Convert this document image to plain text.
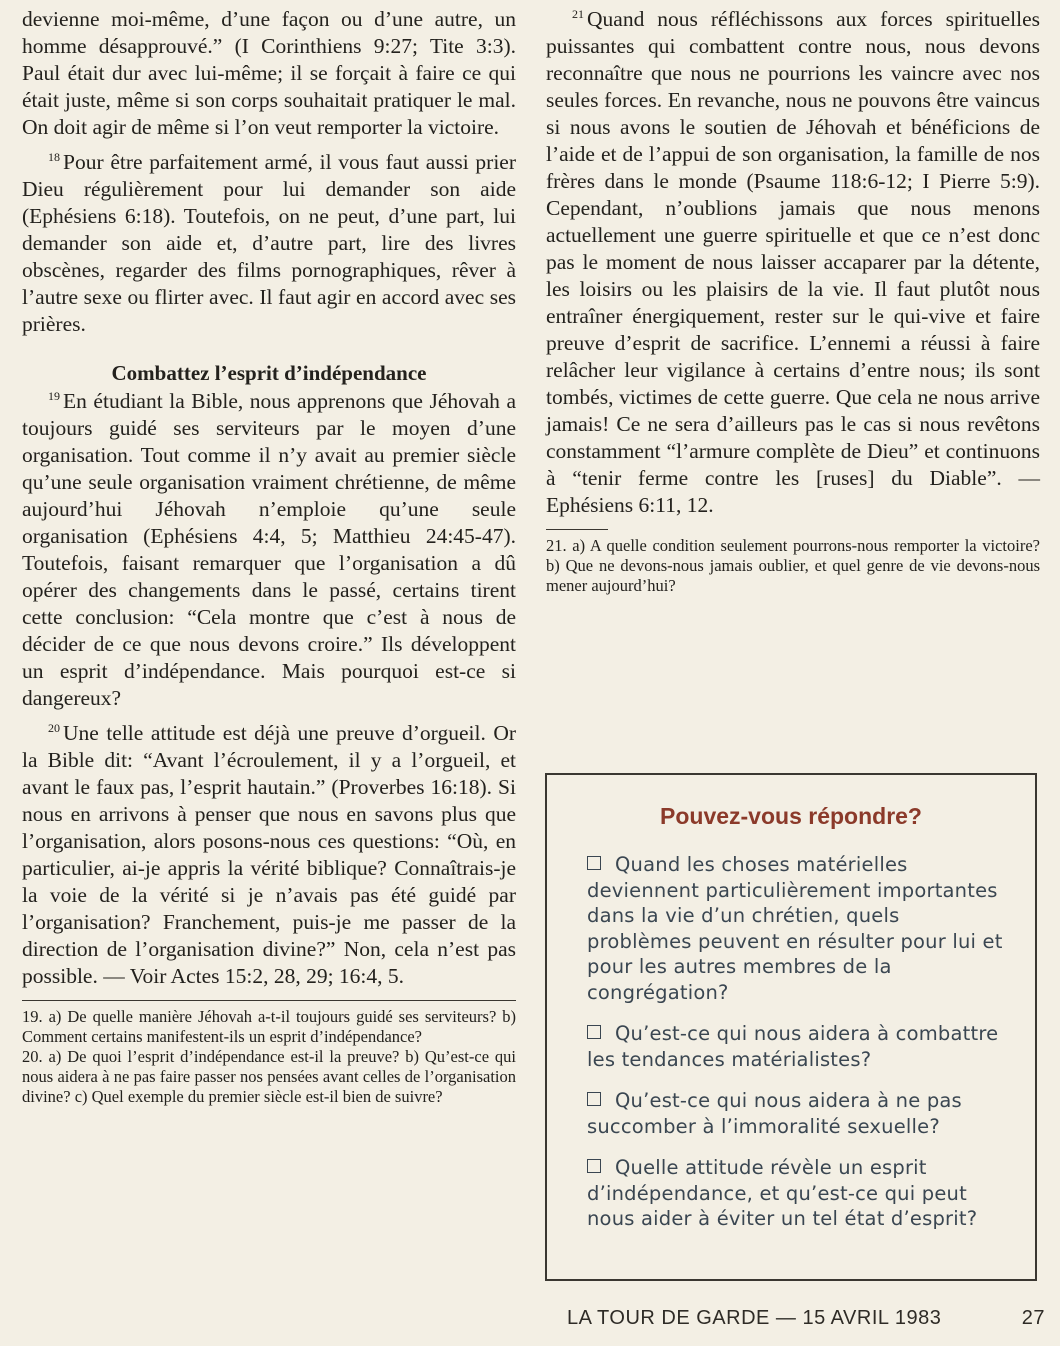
devienne moi-même, d’une façon ou d’une autre, un homme désapprouvé.” (I Corinthiens 9:27; Tite 3:3). Paul était dur avec lui-même; il se forçait à faire ce qui était juste, même si son corps souhaitait pratiquer le mal. On doit agir de même si l’on veut remporter la victoire.

$^{18}$ Pour être parfaitement armé, il vous faut aussi prier Dieu régulièrement pour lui demander son aide (Ephésiens 6:18). Toutefois, on ne peut, d’une part, lui demander son aide et, d’autre part, lire des livres obscènes, regarder des films pornographiques, rêver à l’autre sexe ou flirter avec. Il faut agir en accord avec ses prières.

Combattez l’esprit d’indépendance

$^{19}$ En étudiant la Bible, nous apprenons que Jéhovah a toujours guidé ses serviteurs par le moyen d’une organisation. Tout comme il n’y avait au premier siècle qu’une seule organisation vraiment chrétienne, de même aujourd’hui Jéhovah n’emploie qu’une seule organisation (Ephésiens 4:4, 5; Matthieu 24:45-47). Toutefois, faisant remarquer que l’organisation a dû opérer des changements dans le passé, certains tirent cette conclusion: “Cela montre que c’est à nous de décider de ce que nous devons croire.” Ils développent un esprit d’indépendance. Mais pourquoi est-ce si dangereux?

$^{20}$ Une telle attitude est déjà une preuve d’orgueil. Or la Bible dit: “Avant l’écroulement, il y a l’orgueil, et avant le faux pas, l’esprit hautain.” (Proverbes 16:18). Si nous en arrivons à penser que nous en savons plus que l’organisation, alors posons-nous ces questions: “Où, en particulier, ai-je appris la vérité biblique? Connaîtrais-je la voie de la vérité si je n’avais pas été guidé par l’organisation? Franchement, puis-je me passer de la direction de l’organisation divine?” Non, cela n’est pas possible. — Voir Actes 15:2, 28, 29; 16:4, 5.

19. a) De quelle manière Jéhovah a-t-il toujours guidé ses serviteurs? b) Comment certains manifestent-ils un esprit d’indépendance?

20. a) De quoi l’esprit d’indépendance est-il la preuve? b) Qu’est-ce qui nous aidera à ne pas faire passer nos pensées avant celles de l’organisation divine? c) Quel exemple du premier siècle est-il bien de suivre?

$^{21}$ Quand nous réfléchissons aux forces spirituelles puissantes qui combattent contre nous, nous devons reconnaître que nous ne pourrions les vaincre avec nos seules forces. En revanche, nous ne pouvons être vaincus si nous avons le soutien de Jéhovah et bénéficions de l’aide et de l’appui de son organisation, la famille de nos frères dans le monde (Psaume 118:6-12; I Pierre 5:9). Cependant, n’oublions jamais que nous menons actuellement une guerre spirituelle et que ce n’est donc pas le moment de nous laisser accaparer par la détente, les loisirs ou les plaisirs de la vie. Il faut plutôt nous entraîner énergiquement, rester sur le qui-vive et faire preuve d’esprit de sacrifice. L’ennemi a réussi à faire relâcher leur vigilance à certains d’entre nous; ils sont tombés, victimes de cette guerre. Que cela ne nous arrive jamais! Ce ne sera d’ailleurs pas le cas si nous revêtons constamment “l’armure complète de Dieu” et continuons à “tenir ferme contre les [ruses] du Diable”. — Ephésiens 6:11, 12.

21. a) A quelle condition seulement pourrons-nous remporter la victoire? b) Que ne devons-nous jamais oublier, et quel genre de vie devons-nous mener aujourd’hui?

Pouvez-vous répondre?
Quand les choses matérielles deviennent particulièrement importantes dans la vie d’un chrétien, quels problèmes peuvent en résulter pour lui et pour les autres membres de la congrégation?
Qu’est-ce qui nous aidera à combattre les tendances matérialistes?
Qu’est-ce qui nous aidera à ne pas succomber à l’immoralité sexuelle?
Quelle attitude révèle un esprit d’indépendance, et qu’est-ce qui peut nous aider à éviter un tel état d’esprit?
LA TOUR DE GARDE — 15 AVRIL 1983	27
